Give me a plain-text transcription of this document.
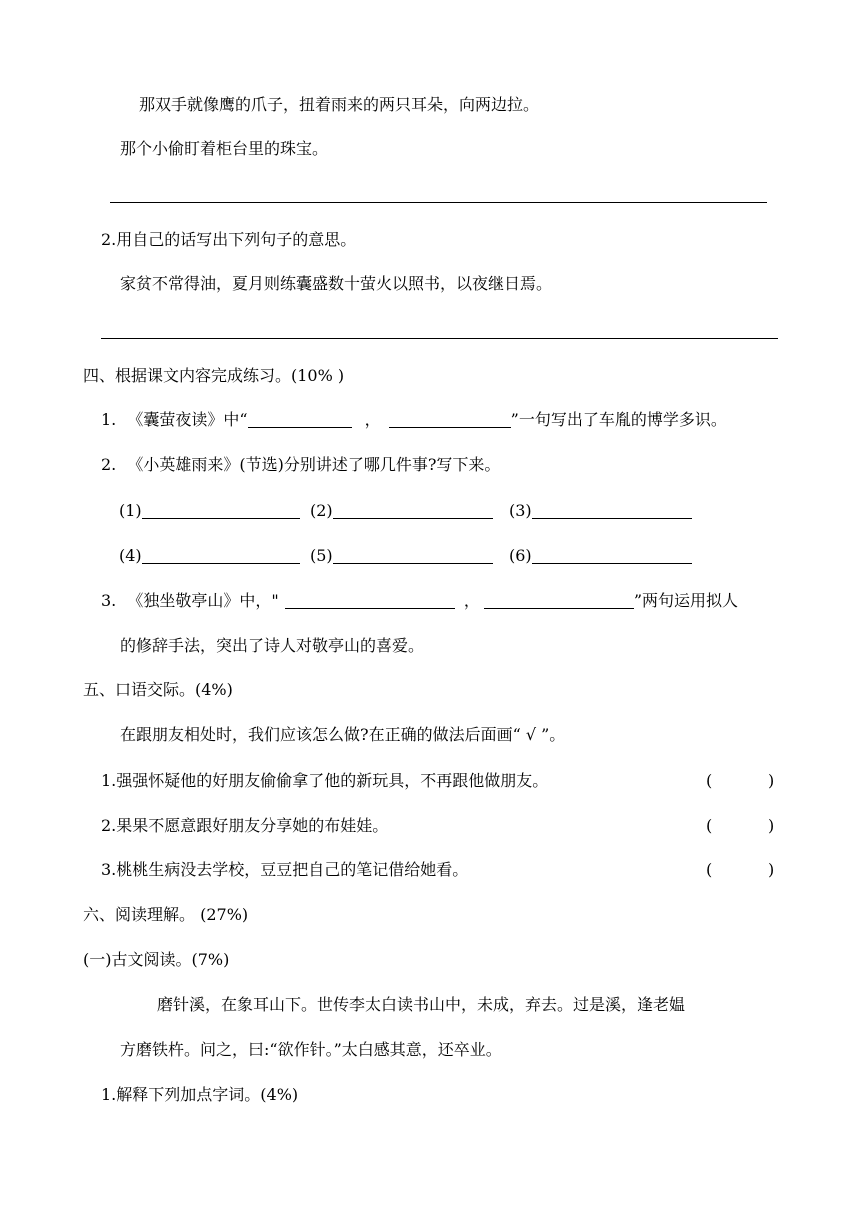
那双手就像鹰的爪子，扭着雨来的两只耳朵，向两边拉。
那个小偷盯着柜台里的珠宝。
2.用自己的话写出下列句子的意思。
家贫不常得油，夏月则练囊盛数十萤火以照书，以夜继日焉。
四、根据课文内容完成练习。(10% )
1. 《囊萤夜读》中“	，	”一句写出了车胤的博学多识。
2. 《小英雄雨来》(节选)分别讲述了哪几件事?写下来。
(1)	(2)	(3)
(4)	(5)	(6)
3. 《独坐敬亭山》中，"	，	”两句运用拟人
的修辞手法，突出了诗人对敬亭山的喜爱。
五、口语交际。(4%)
在跟朋友相处时，我们应该怎么做?在正确的做法后面画“ √ ”。
1.强强怀疑他的好朋友偷偷拿了他的新玩具，不再跟他做朋友。	(	)
2.果果不愿意跟好朋友分享她的布娃娃。	(	)
3.桃桃生病没去学校，豆豆把自己的笔记借给她看。	(	)
六、阅读理解。 (27%)
(一)古文阅读。(7%)
磨针溪，在象耳山下。世传李太白读书山中，未成，弃去。过是溪，逢老媪
方磨铁杵。问之，曰:“欲作针。”太白感其意，还卒业。
1.解释下列加点字词。(4%)
